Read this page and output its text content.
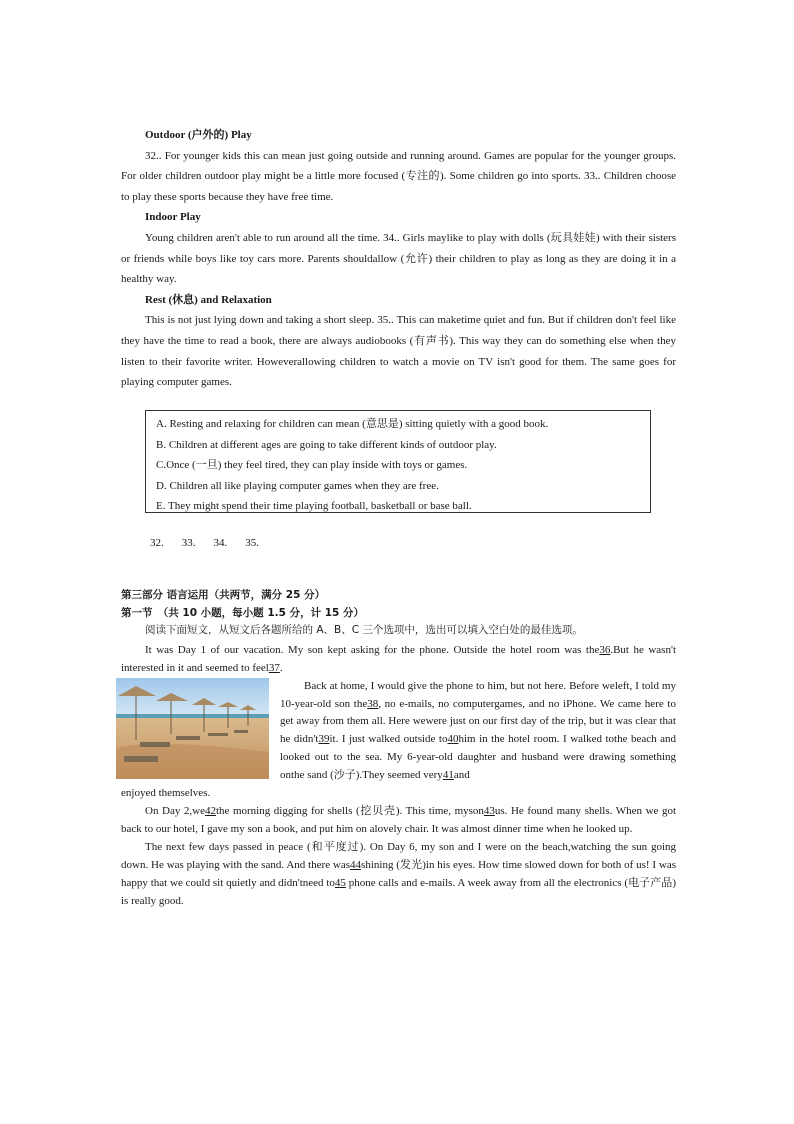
Outdoor (户外的) Play

32.. For younger kids this can mean just going outside and running around. Games are popular for the younger groups. For older children outdoor play might be a little more focused (专注的). Some children go into sports. 33.. Children choose to play these sports because they have free time.

Indoor Play

Young children aren't able to run around all the time. 34.. Girls maylike to play with dolls (玩具娃娃) with their sisters or friends while boys like toy cars more. Parents shouldallow (允许) their children to play as long as they are doing it in a healthy way.

Rest (休息) and Relaxation

This is not just lying down and taking a short sleep. 35.. This can maketime quiet and fun. But if children don't feel like they have the time to read a book, there are always audiobooks (有声书). This way they can do something else when they listen to their favorite writer. Howeverallowing children to watch a movie on TV isn't good for them. The same goes for playing computer games.

A. Resting and relaxing for children can mean (意思是) sitting quietly with a good book.
B. Children at different ages are going to take different kinds of outdoor play.
C.Once (一旦) they feel tired, they can play inside with toys or games.
D. Children all like playing computer games when they are free.
E. They might spend their time playing football, basketball or base ball.
32. 33. 34. 35.

第三部分 语言运用（共两节，满分 25 分）

第一节　（共 10 小题，每小题 1.5 分，计 15 分）

阅读下面短文，从短文后各题所给的 A、B、C 三个选项中，选出可以填入空白处的最佳选项。

It was Day 1 of our vacation. My son kept asking for the phone. Outside the hotel room was the36.But he wasn't interested in it and seemed to feel37.

Back at home, I would give the phone to him, but not here. Before weleft, I told my 10-year-old son the38, no e-mails, no computergames, and no iPhone. We came here to get away from them all. Here wewere just on our first day of the trip, but it was clear that he didn't39it. I just walked outside to40him in the hotel room. I walked tothe beach and looked out to the sea. My 6-year-old daughter and husband were drawing something onthe sand (沙子).They seemed very41and

enjoyed themselves.

On Day 2,we42the morning digging for shells (挖贝壳). This time, myson43us. He found many shells. When we got back to our hotel, I gave my son a book, and put him on alovely chair. It was almost dinner time when he looked up.

The next few days passed in peace (和平度过). On Day 6, my son and I were on the beach,watching the sun going down. He was playing with the sand. And there was44shining (发光)in his eyes. How time slowed down for both of us! I was happy that we could sit quietly and didn'tneed to45 phone calls and e-mails. A week away from all the electronics (电子产品) is really good.
